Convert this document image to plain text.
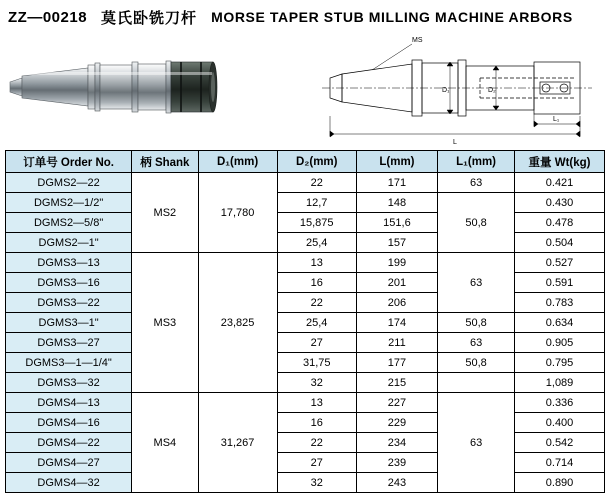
ZZ—00218 莫氏卧铣刀杆 MORSE TAPER STUB MILLING MACHINE ARBORS
MS
D₁	D₂
L₁
L
订单号 Order No.	柄 Shank	D₁(mm)	D₂(mm)	L(mm)	L₁(mm)	重量 Wt(kg)
DGMS2—22	MS2	17,780	22	171	63	0.421
DGMS2—1/2"			12,7	148	50,8	0.430
DGMS2—5/8"			15,875	151,6		0.478
DGMS2—1"			25,4	157		0.504
DGMS3—13	MS3	23,825	13	199	63	0.527
DGMS3—16			16	201		0.591
DGMS3—22			22	206		0.783
DGMS3—1"			25,4	174	50,8	0.634
DGMS3—27			27	211	63	0.905
DGMS3—1—1/4"			31,75	177	50,8	0.795
DGMS3—32			32	215		1,089
DGMS4—13	MS4	31,267	13	227	63	0.336
DGMS4—16			16	229		0.400
DGMS4—22			22	234		0.542
DGMS4—27			27	239		0.714
DGMS4—32			32	243		0.890
